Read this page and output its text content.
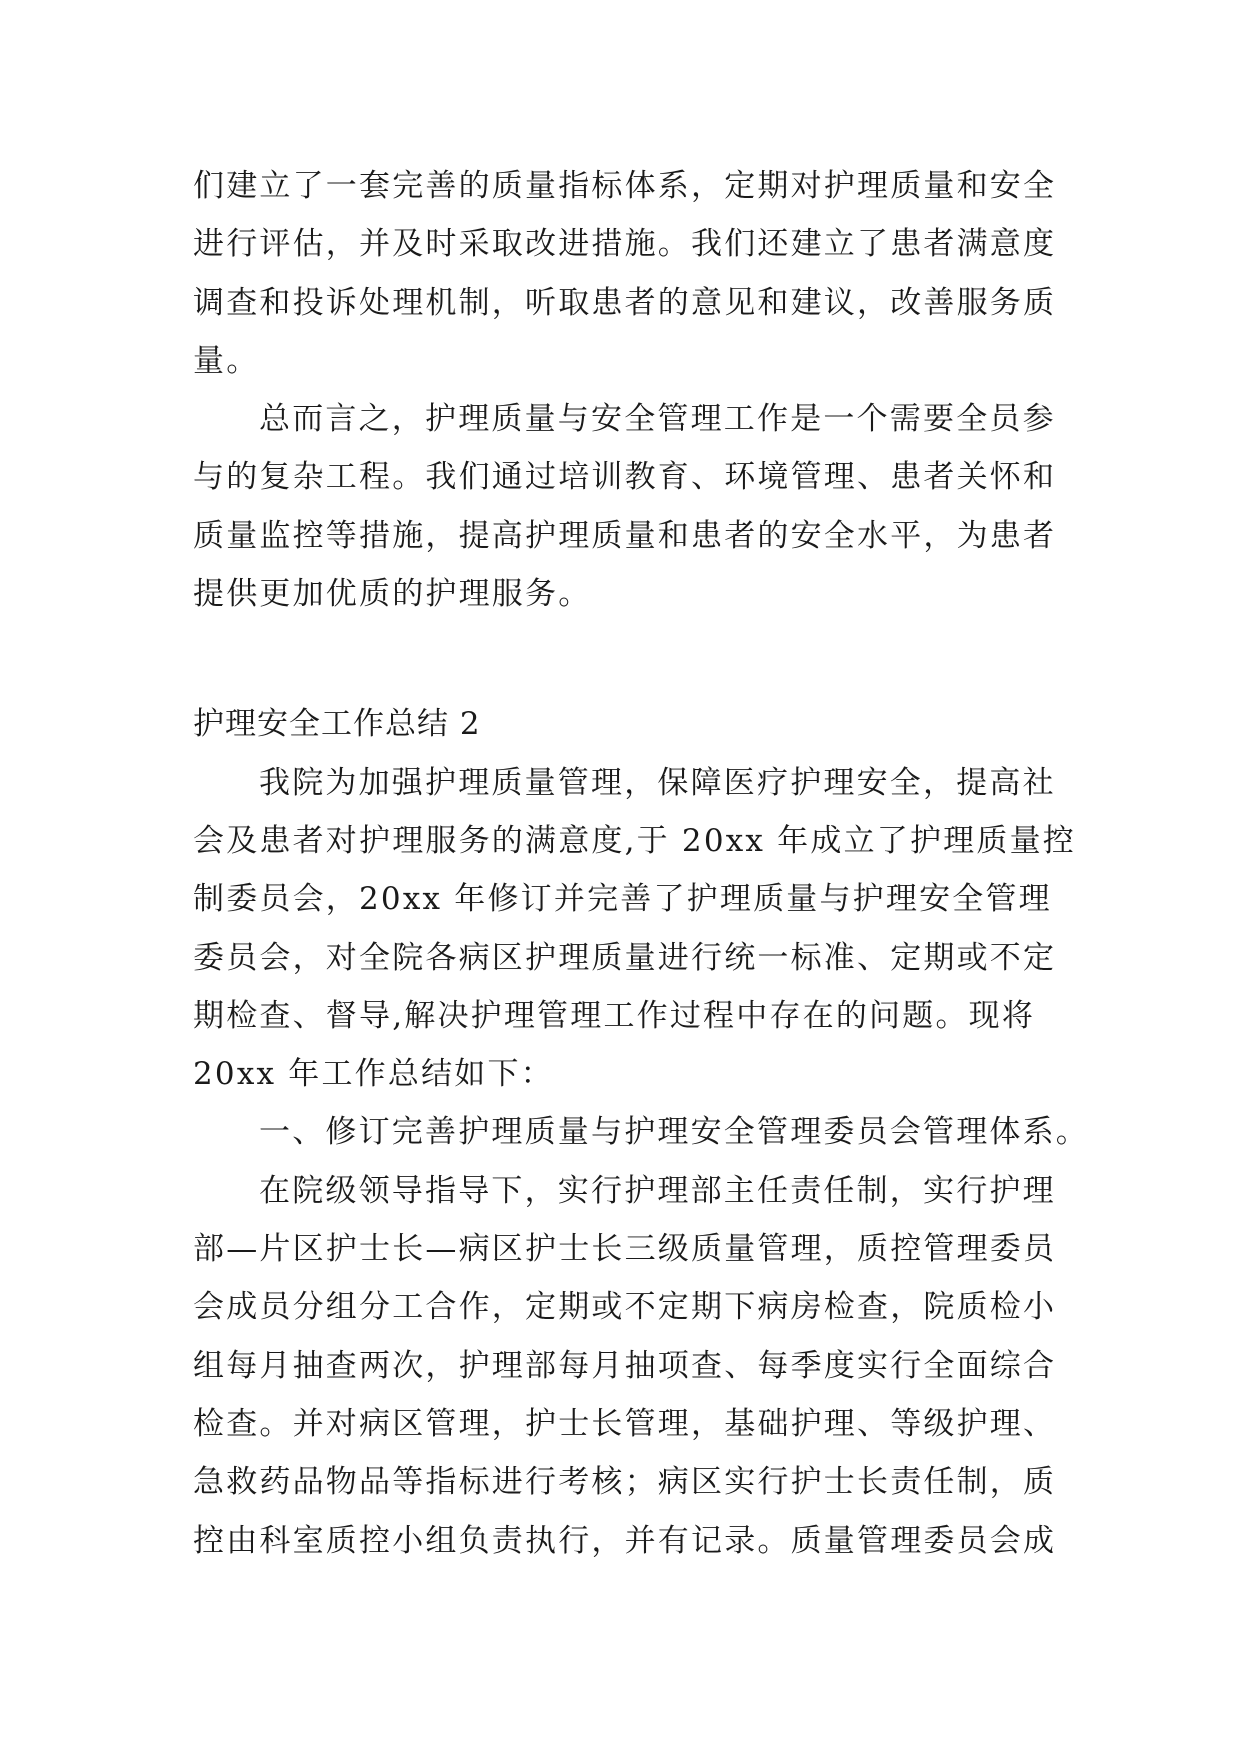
们建立了一套完善的质量指标体系，定期对护理质量和安全
进行评估，并及时采取改进措施。我们还建立了患者满意度
调查和投诉处理机制，听取患者的意见和建议，改善服务质
量。
总而言之，护理质量与安全管理工作是一个需要全员参
与的复杂工程。我们通过培训教育、环境管理、患者关怀和
质量监控等措施，提高护理质量和患者的安全水平，为患者
提供更加优质的护理服务。
护理安全工作总结 2
我院为加强护理质量管理，保障医疗护理安全，提高社
会及患者对护理服务的满意度,于 20xx 年成立了护理质量控
制委员会，20xx 年修订并完善了护理质量与护理安全管理
委员会，对全院各病区护理质量进行统一标准、定期或不定
期检查、督导,解决护理管理工作过程中存在的问题。现将
20xx 年工作总结如下：
一、修订完善护理质量与护理安全管理委员会管理体系。
在院级领导指导下，实行护理部主任责任制，实行护理
部—片区护士长—病区护士长三级质量管理，质控管理委员
会成员分组分工合作，定期或不定期下病房检查，院质检小
组每月抽查两次，护理部每月抽项查、每季度实行全面综合
检查。并对病区管理，护士长管理，基础护理、等级护理、
急救药品物品等指标进行考核；病区实行护士长责任制，质
控由科室质控小组负责执行，并有记录。质量管理委员会成
